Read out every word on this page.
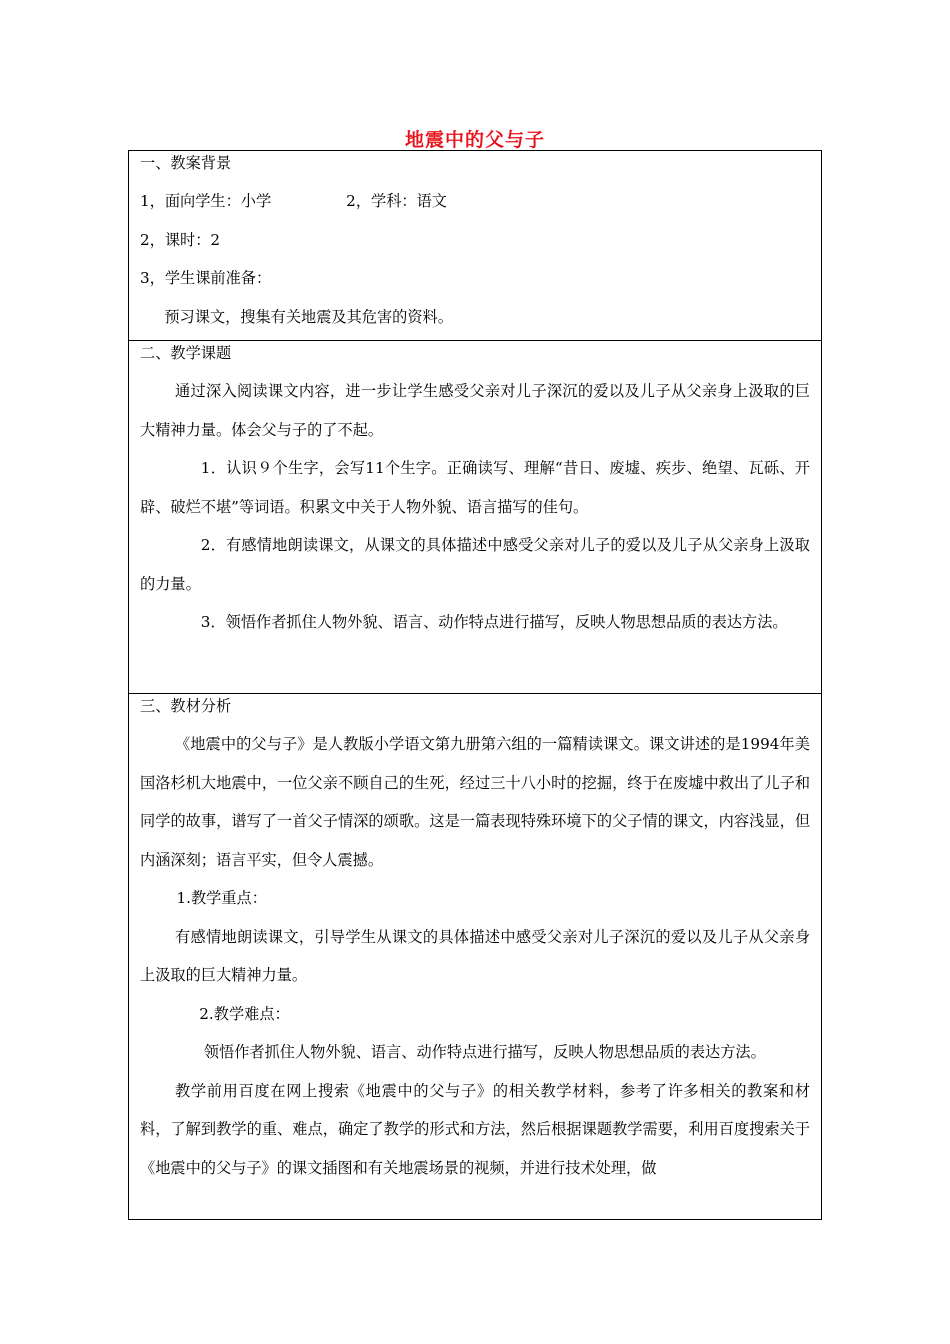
地震中的父与子
一、教案背景
1，面向学生：小学	2，学科：语文
2，课时：2
3，学生课前准备：
预习课文，搜集有关地震及其危害的资料。

二、教学课题
通过深入阅读课文内容，进一步让学生感受父亲对儿子深沉的爱以及儿子从父亲身上汲取的巨大精神力量。体会父与子的了不起。
1．认识９个生字，会写11个生字。正确读写、理解“昔日、废墟、疾步、绝望、瓦砾、开辟、破烂不堪”等词语。积累文中关于人物外貌、语言描写的佳句。
2．有感情地朗读课文，从课文的具体描述中感受父亲对儿子的爱以及儿子从父亲身上汲取的力量。
3．领悟作者抓住人物外貌、语言、动作特点进行描写，反映人物思想品质的表达方法。

三、教材分析
《地震中的父与子》是人教版小学语文第九册第六组的一篇精读课文。课文讲述的是1994年美国洛杉机大地震中，一位父亲不顾自己的生死，经过三十八小时的挖掘，终于在废墟中救出了儿子和同学的故事，谱写了一首父子情深的颂歌。这是一篇表现特殊环境下的父子情的课文，内容浅显，但内涵深刻；语言平实，但令人震撼。
1.教学重点：
有感情地朗读课文，引导学生从课文的具体描述中感受父亲对儿子深沉的爱以及儿子从父亲身上汲取的巨大精神力量。
2.教学难点：
领悟作者抓住人物外貌、语言、动作特点进行描写，反映人物思想品质的表达方法。
教学前用百度在网上搜索《地震中的父与子》的相关教学材料，参考了许多相关的教案和材料，了解到教学的重、难点，确定了教学的形式和方法，然后根据课题教学需要，利用百度搜索关于《地震中的父与子》的课文插图和有关地震场景的视频，并进行技术处理，做
